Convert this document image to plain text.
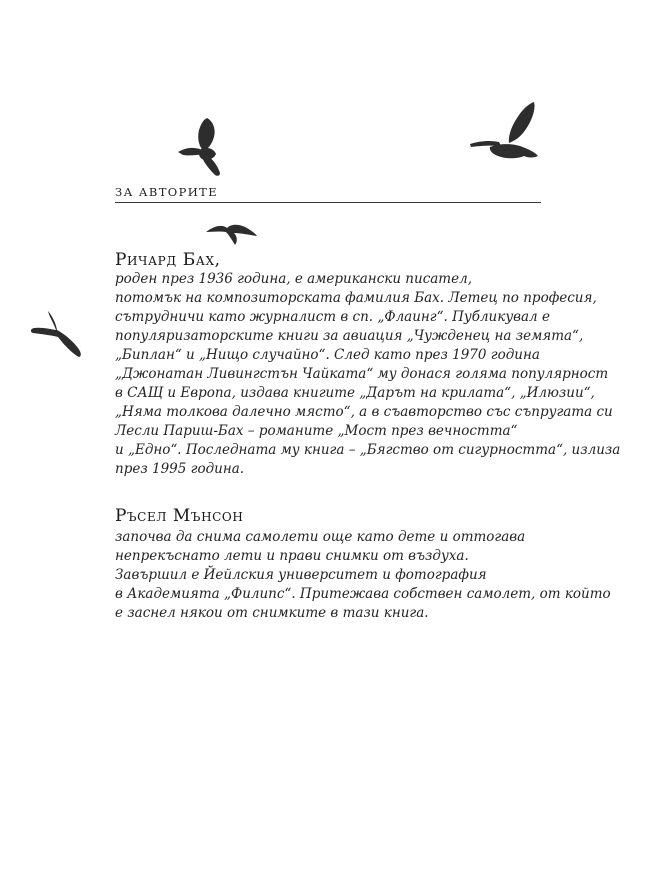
ЗА АВТОРИТЕ
Ричард Бах,
роден през 1936 година, е американски писател,
потомък на композиторската фамилия Бах. Летец по професия,
сътрудничи като журналист в сп. „Флаинг“. Публикувал е
популяризаторските книги за авиация „Чужденец на земята“,
„Биплан“ и „Нищо случайно“. След като през 1970 година
„Джонатан Ливингстън Чайката“ му донася голяма популярност
в САЩ и Европа, издава книгите „Дарът на крилата“, „Илюзии“,
„Няма толкова далечно място“, а в съавторство със съпругата си
Лесли Париш-Бах – романите „Мост през вечността“
и „Едно“. Последната му книга – „Бягство от сигурността“, излиза
през 1995 година.
Ръсел Мънсон
започва да снима самолети още като дете и оттогава
непрекъснато лети и прави снимки от въздуха.
Завършил е Йейлския университет и фотография
в Академията „Филипс“. Притежава собствен самолет, от който
е заснел някои от снимките в тази книга.
